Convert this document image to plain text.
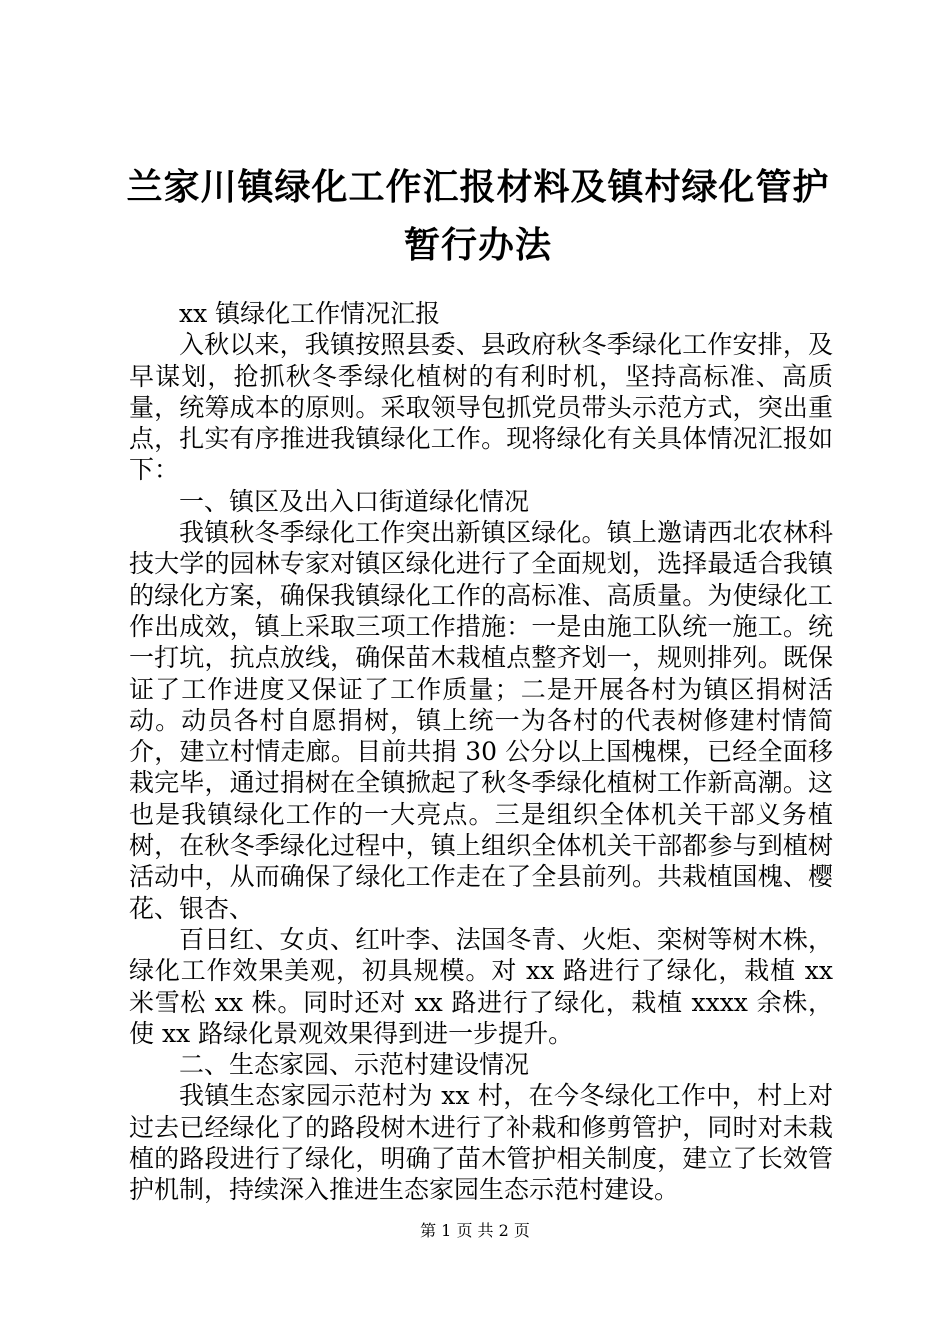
兰家川镇绿化工作汇报材料及镇村绿化管护暂行办法

xx 镇绿化工作情况汇报

入秋以来，我镇按照县委、县政府秋冬季绿化工作安排，及早谋划，抢抓秋冬季绿化植树的有利时机，坚持高标准、高质量，统筹成本的原则。采取领导包抓党员带头示范方式，突出重点，扎实有序推进我镇绿化工作。现将绿化有关具体情况汇报如下：

一、镇区及出入口街道绿化情况

我镇秋冬季绿化工作突出新镇区绿化。镇上邀请西北农林科技大学的园林专家对镇区绿化进行了全面规划，选择最适合我镇的绿化方案，确保我镇绿化工作的高标准、高质量。为使绿化工作出成效，镇上采取三项工作措施：一是由施工队统一施工。统一打坑，抗点放线，确保苗木栽植点整齐划一，规则排列。既保证了工作进度又保证了工作质量；二是开展各村为镇区捐树活动。动员各村自愿捐树，镇上统一为各村的代表树修建村情简介，建立村情走廊。目前共捐 30 公分以上国槐棵，已经全面移栽完毕，通过捐树在全镇掀起了秋冬季绿化植树工作新高潮。这也是我镇绿化工作的一大亮点。三是组织全体机关干部义务植树，在秋冬季绿化过程中，镇上组织全体机关干部都参与到植树活动中，从而确保了绿化工作走在了全县前列。共栽植国槐、樱花、银杏、

百日红、女贞、红叶李、法国冬青、火炬、栾树等树木株，绿化工作效果美观，初具规模。对 xx 路进行了绿化，栽植 xx 米雪松 xx 株。同时还对 xx 路进行了绿化，栽植 xxxx 余株，使 xx 路绿化景观效果得到进一步提升。

二、生态家园、示范村建设情况

我镇生态家园示范村为 xx 村，在今冬绿化工作中，村上对过去已经绿化了的路段树木进行了补栽和修剪管护，同时对未栽植的路段进行了绿化，明确了苗木管护相关制度，建立了长效管护机制，持续深入推进生态家园生态示范村建设。

第 1 页 共 2 页
